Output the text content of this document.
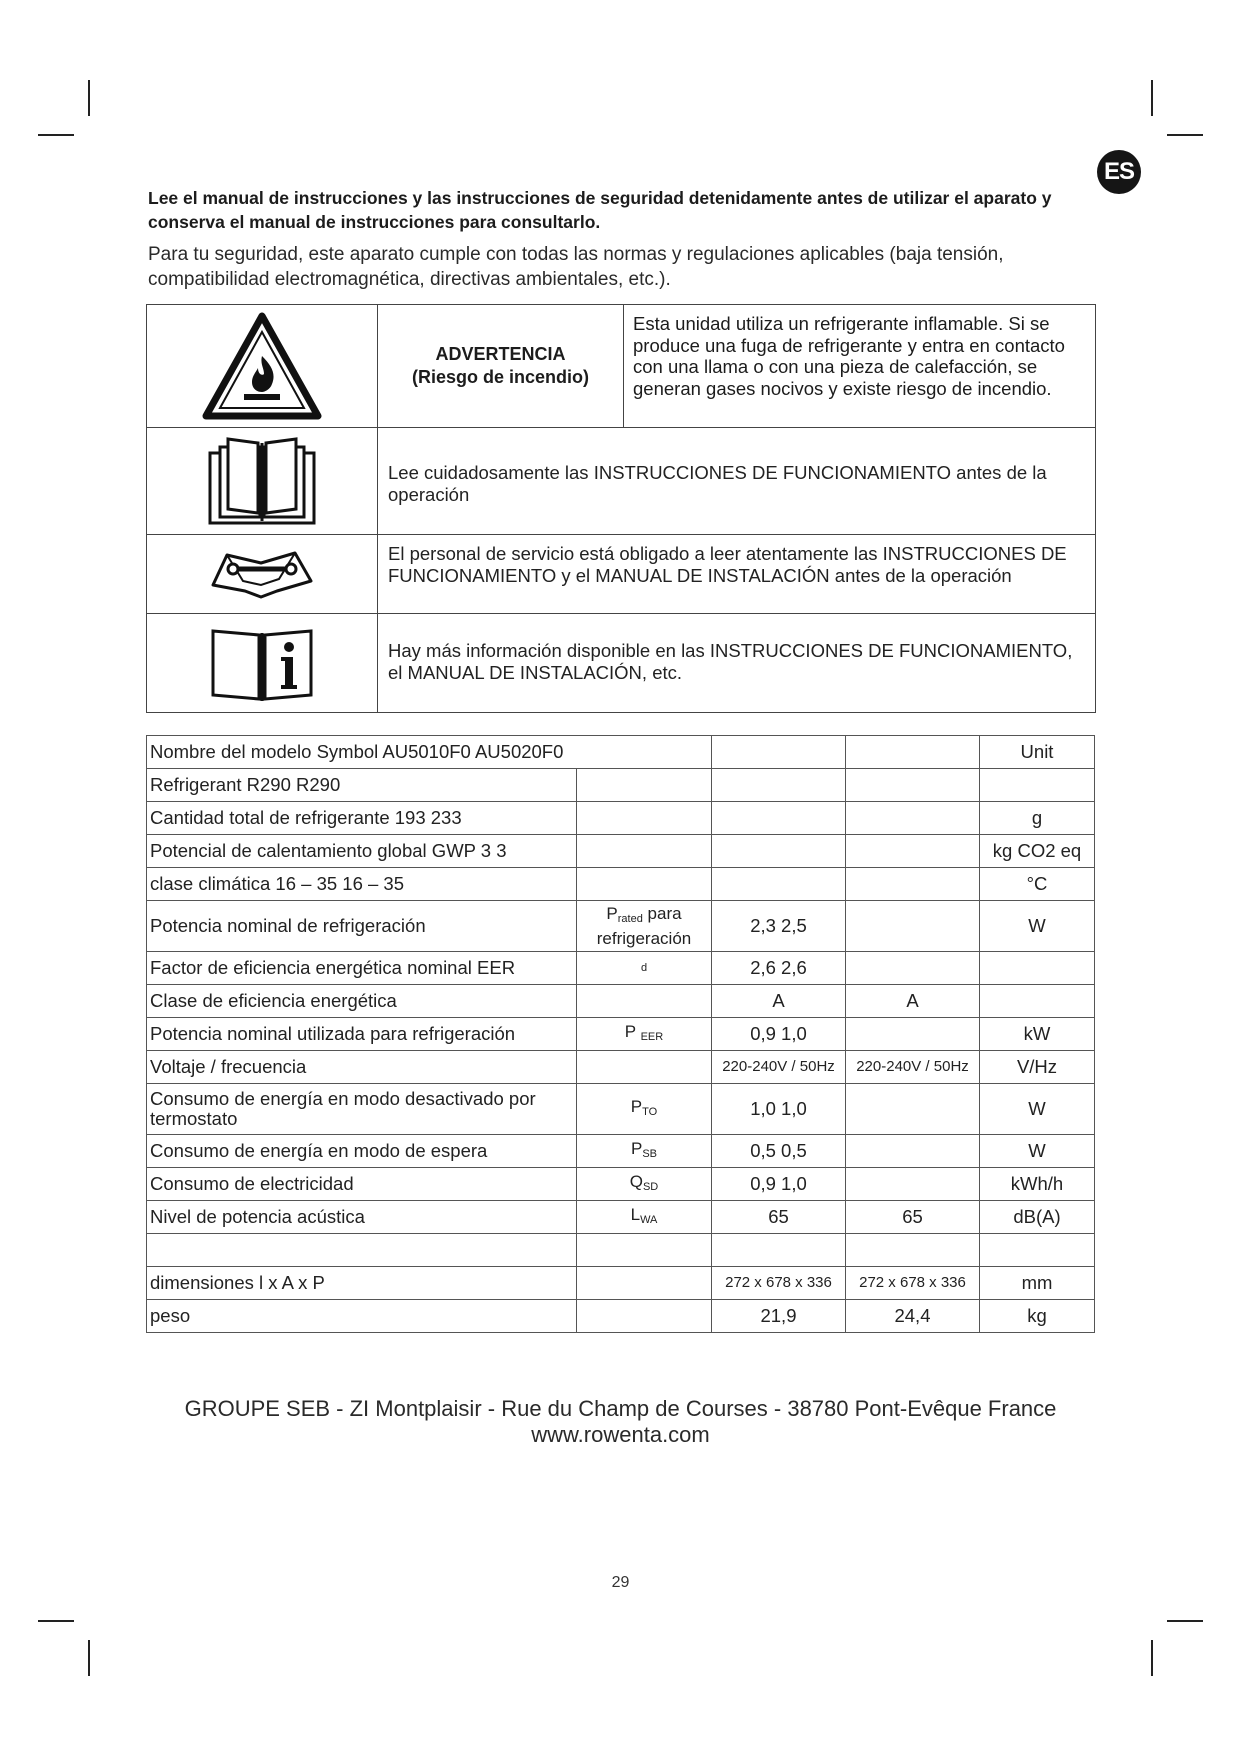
ES
Lee el manual de instrucciones y las instrucciones de seguridad detenidamente antes de utilizar el aparato y conserva el manual de instrucciones para consultarlo.
Para tu seguridad, este aparato cumple con todas las normas y regulaciones aplicables (baja tensión, compatibilidad electromagnética, directivas ambientales, etc.).
ADVERTENCIA
(Riesgo de incendio)
Esta unidad utiliza un refrigerante inflamable. Si se produce una fuga de refrigerante y entra en contacto con una llama o con una pieza de calefacción, se generan gases nocivos y existe riesgo de incendio.
Lee cuidadosamente las INSTRUCCIONES DE FUNCIONAMIENTO antes de la operación
El personal de servicio está obligado a leer atentamente las INSTRUCCIONES DE FUNCIONAMIENTO y el MANUAL DE INSTALACIÓN antes de la operación
Hay más información disponible en las INSTRUCCIONES DE FUNCIONAMIENTO, el MANUAL DE INSTALACIÓN, etc.
Nombre del modelo Symbol AU5010F0 AU5020F0				Unit
Refrigerant R290 R290				
Cantidad total de refrigerante 193 233				g
Potencial de calentamiento global GWP 3 3				kg CO2 eq
clase climática 16 – 35 16 – 35				°C
Potencia nominal de refrigeración	$P_{rated}$ para refrigeración	2,3 2,5		W
Factor de eficiencia energética nominal EER	d	2,6 2,6		
Clase de eficiencia energética		A	A	
Potencia nominal utilizada para refrigeración	P $_{EER}$	0,9 1,0		kW
Voltaje / frecuencia		220-240V / 50Hz	220-240V / 50Hz	V/Hz
Consumo de energía en modo desactivado por termostato	$P_{TO}$	1,0 1,0		W
Consumo de energía en modo de espera	$P_{SB}$	0,5 0,5		W
Consumo de electricidad	$Q_{SD}$	0,9 1,0		kWh/h
Nivel de potencia acústica	$L_{WA}$	65	65	dB(A)

dimensiones l x A x P		272 x 678 x 336	272 x 678 x 336	mm
peso		21,9	24,4	kg
GROUPE SEB - ZI Montplaisir - Rue du Champ de Courses - 38780 Pont-Evêque France
www.rowenta.com
29
